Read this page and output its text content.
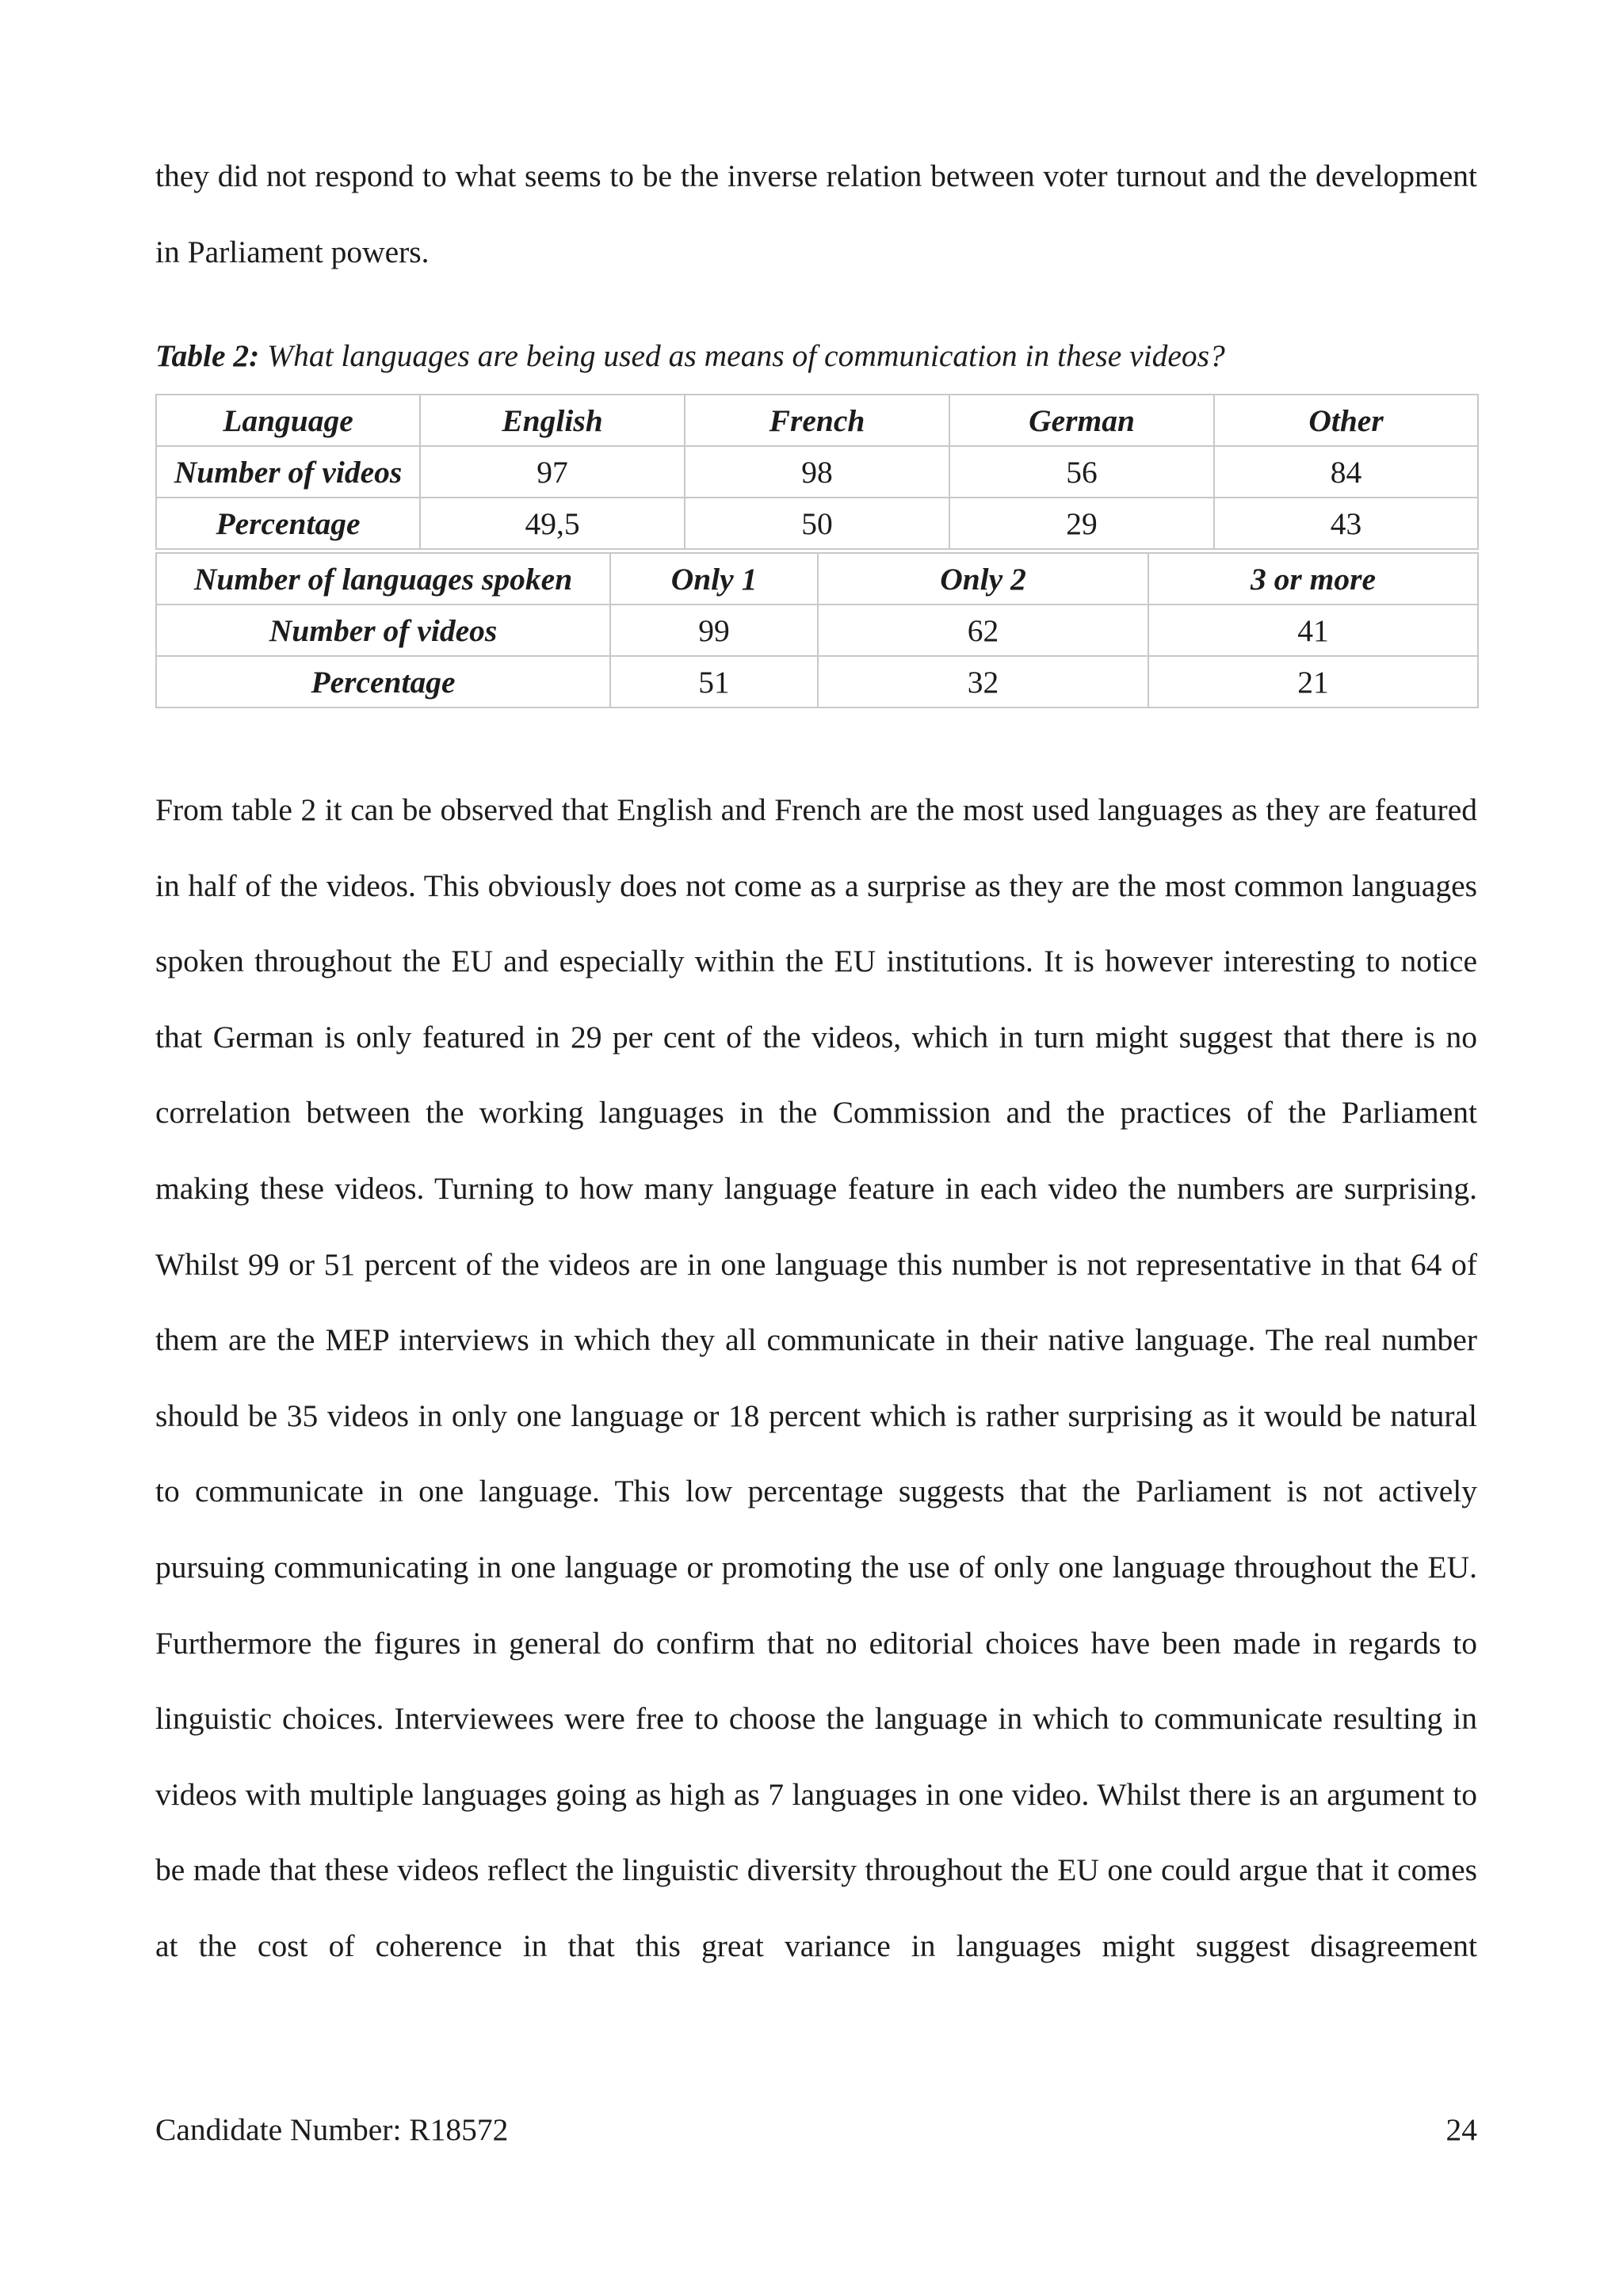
they did not respond to what seems to be the inverse relation between voter turnout and the development in Parliament powers.

Table 2: What languages are being used as means of communication in these videos?

Language	English	French	German	Other
Number of videos	97	98	56	84
Percentage	49,5	50	29	43
Number of languages spoken	Only 1	Only 2	3 or more
Number of videos	99	62	41
Percentage	51	32	21

From table 2 it can be observed that English and French are the most used languages as they are featured in half of the videos. This obviously does not come as a surprise as they are the most common languages spoken throughout the EU and especially within the EU institutions. It is however interesting to notice that German is only featured in 29 per cent of the videos, which in turn might suggest that there is no correlation between the working languages in the Commission and the practices of the Parliament making these videos. Turning to how many language feature in each video the numbers are surprising. Whilst 99 or 51 percent of the videos are in one language this number is not representative in that 64 of them are the MEP interviews in which they all communicate in their native language. The real number should be 35 videos in only one language or 18 percent which is rather surprising as it would be natural to communicate in one language. This low percentage suggests that the Parliament is not actively pursuing communicating in one language or promoting the use of only one language throughout the EU. Furthermore the figures in general do confirm that no editorial choices have been made in regards to linguistic choices. Interviewees were free to choose the language in which to communicate resulting in videos with multiple languages going as high as 7 languages in one video. Whilst there is an argument to be made that these videos reflect the linguistic diversity throughout the EU one could argue that it comes at the cost of coherence in that this great variance in languages might suggest disagreement

Candidate Number: R18572	24
